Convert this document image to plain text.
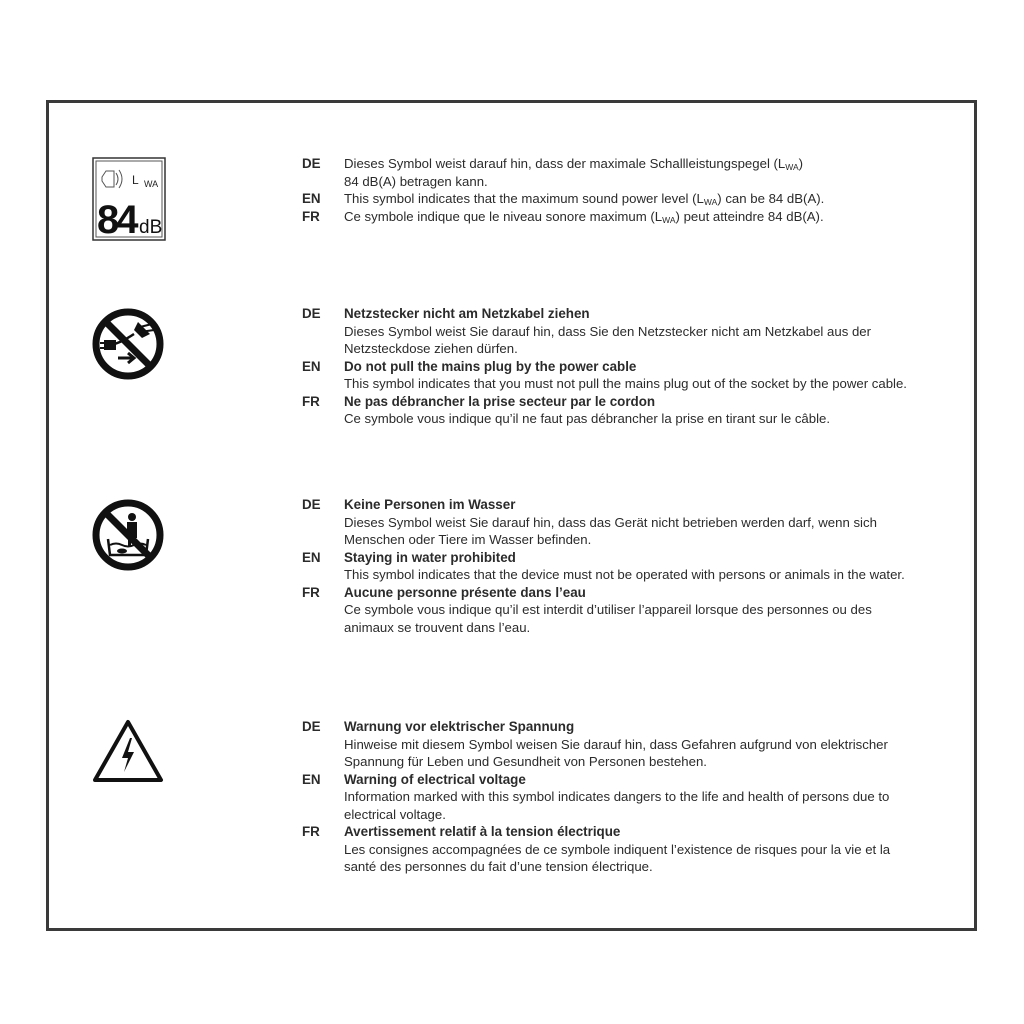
L WA
84 dB
DE Dieses Symbol weist darauf hin, dass der maximale Schallleistungspegel $(L_{WA})$
84 dB(A) betragen kann.
EN This symbol indicates that the maximum sound power level $(L_{WA})$ can be 84 dB(A).
FR Ce symbole indique que le niveau sonore maximum $(L_{WA})$ peut atteindre 84 dB(A).
DE Netzstecker nicht am Netzkabel ziehen
Dieses Symbol weist Sie darauf hin, dass Sie den Netzstecker nicht am Netzkabel aus der
Netzsteckdose ziehen dürfen.
EN Do not pull the mains plug by the power cable
This symbol indicates that you must not pull the mains plug out of the socket by the power cable.
FR Ne pas débrancher la prise secteur par le cordon
Ce symbole vous indique qu’il ne faut pas débrancher la prise en tirant sur le câble.
DE Keine Personen im Wasser
Dieses Symbol weist Sie darauf hin, dass das Gerät nicht betrieben werden darf, wenn sich
Menschen oder Tiere im Wasser befinden.
EN Staying in water prohibited
This symbol indicates that the device must not be operated with persons or animals in the water.
FR Aucune personne présente dans l’eau
Ce symbole vous indique qu’il est interdit d’utiliser l’appareil lorsque des personnes ou des
animaux se trouvent dans l’eau.
DE Warnung vor elektrischer Spannung
Hinweise mit diesem Symbol weisen Sie darauf hin, dass Gefahren aufgrund von elektrischer
Spannung für Leben und Gesundheit von Personen bestehen.
EN Warning of electrical voltage
Information marked with this symbol indicates dangers to the life and health of persons due to
electrical voltage.
FR Avertissement relatif à la tension électrique
Les consignes accompagnées de ce symbole indiquent l’existence de risques pour la vie et la
santé des personnes du fait d’une tension électrique.
